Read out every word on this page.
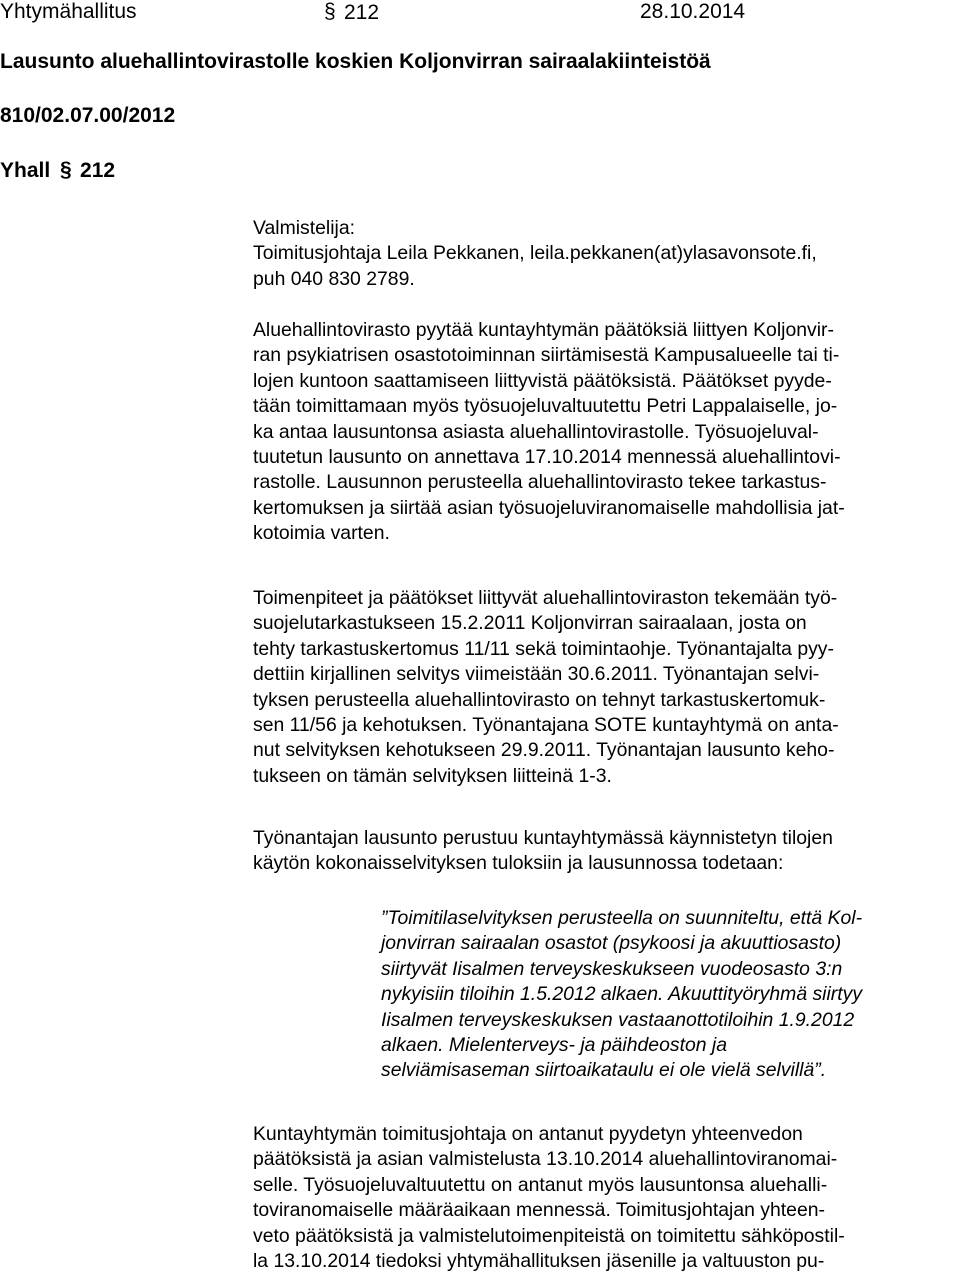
Yhtymähallitus	§ 212	28.10.2014
Lausunto aluehallintovirastolle koskien Koljonvirran sairaalakiinteistöä
810/02.07.00/2012
Yhall § 212
Valmistelija:
Toimitusjohtaja Leila Pekkanen, leila.pekkanen(at)ylasavonsote.fi,
puh 040 830 2789.
Aluehallintovirasto pyytää kuntayhtymän päätöksiä liittyen Koljonvir-
ran psykiatrisen osastotoiminnan siirtämisestä Kampusalueelle tai ti-
lojen kuntoon saattamiseen liittyvistä päätöksistä. Päätökset pyyde-
tään toimittamaan myös työsuojeluvaltuutettu Petri Lappalaiselle, jo-
ka antaa lausuntonsa asiasta aluehallintovirastolle. Työsuojeluval-
tuutetun lausunto on annettava 17.10.2014 mennessä aluehallintovi-
rastolle. Lausunnon perusteella aluehallintovirasto tekee tarkastus-
kertomuksen ja siirtää asian työsuojeluviranomaiselle mahdollisia jat-
kotoimia varten.
Toimenpiteet ja päätökset liittyvät aluehallintoviraston tekemään työ-
suojelutarkastukseen 15.2.2011 Koljonvirran sairaalaan, josta on
tehty tarkastuskertomus 11/11 sekä toimintaohje. Työnantajalta pyy-
dettiin kirjallinen selvitys viimeistään 30.6.2011. Työnantajan selvi-
tyksen perusteella aluehallintovirasto on tehnyt tarkastuskertomuk-
sen 11/56 ja kehotuksen. Työnantajana SOTE kuntayhtymä on anta-
nut selvityksen kehotukseen 29.9.2011. Työnantajan lausunto keho-
tukseen on tämän selvityksen liitteinä 1-3.
Työnantajan lausunto perustuu kuntayhtymässä käynnistetyn tilojen
käytön kokonaisselvityksen tuloksiin ja lausunnossa todetaan:
”Toimitilaselvityksen perusteella on suunniteltu, että Kol-
jonvirran sairaalan osastot (psykoosi ja akuuttiosasto)
siirtyvät Iisalmen terveyskeskukseen vuodeosasto 3:n
nykyisiin tiloihin 1.5.2012 alkaen. Akuuttityöryhmä siirtyy
Iisalmen terveyskeskuksen vastaanottotiloihin 1.9.2012
alkaen. Mielenterveys- ja päihdeoston ja
selviämisaseman siirtoaikataulu ei ole vielä selvillä”.
Kuntayhtymän toimitusjohtaja on antanut pyydetyn yhteenvedon
päätöksistä ja asian valmistelusta 13.10.2014 aluehallintoviranomai-
selle. Työsuojeluvaltuutettu on antanut myös lausuntonsa aluehalli-
toviranomaiselle määräaikaan mennessä. Toimitusjohtajan yhteen-
veto päätöksistä ja valmistelutoimenpiteistä on toimitettu sähköpostil-
la 13.10.2014 tiedoksi yhtymähallituksen jäsenille ja valtuuston pu-
